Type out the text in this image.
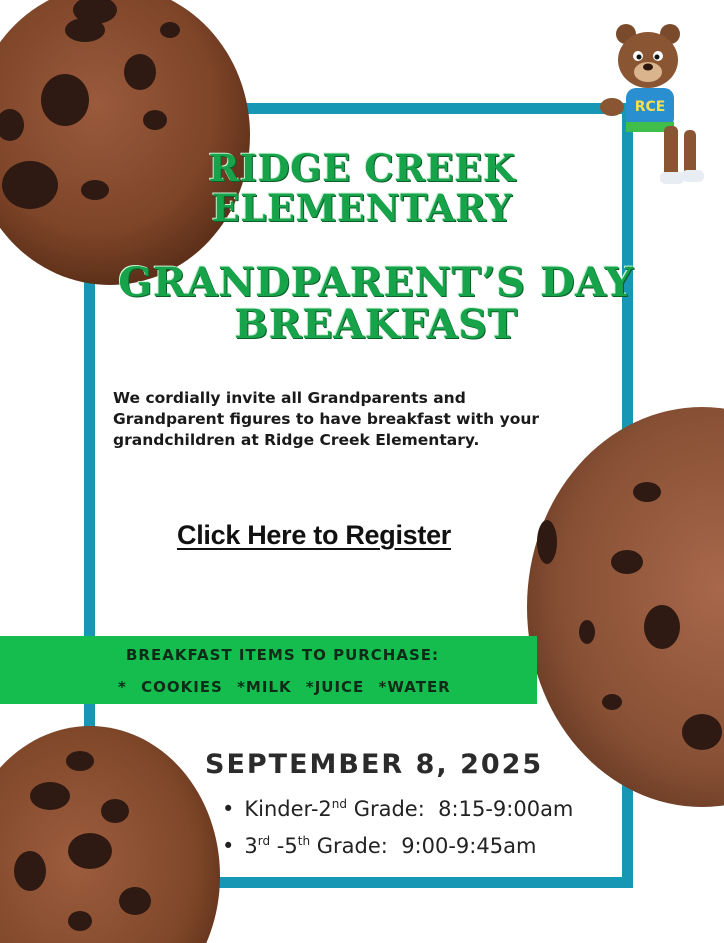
RCE
RIDGE CREEK
ELEMENTARY
GRANDPARENT’S DAY
BREAKFAST
We cordially invite all Grandparents and
Grandparent figures to have breakfast with your
grandchildren at Ridge Creek Elementary.
Click Here to Register
BREAKFAST ITEMS TO PURCHASE:
* COOKIES *MILK *JUICE *WATER
SEPTEMBER 8, 2025
• Kinder-2nd Grade: 8:15-9:00am
• 3rd -5th Grade: 9:00-9:45am
